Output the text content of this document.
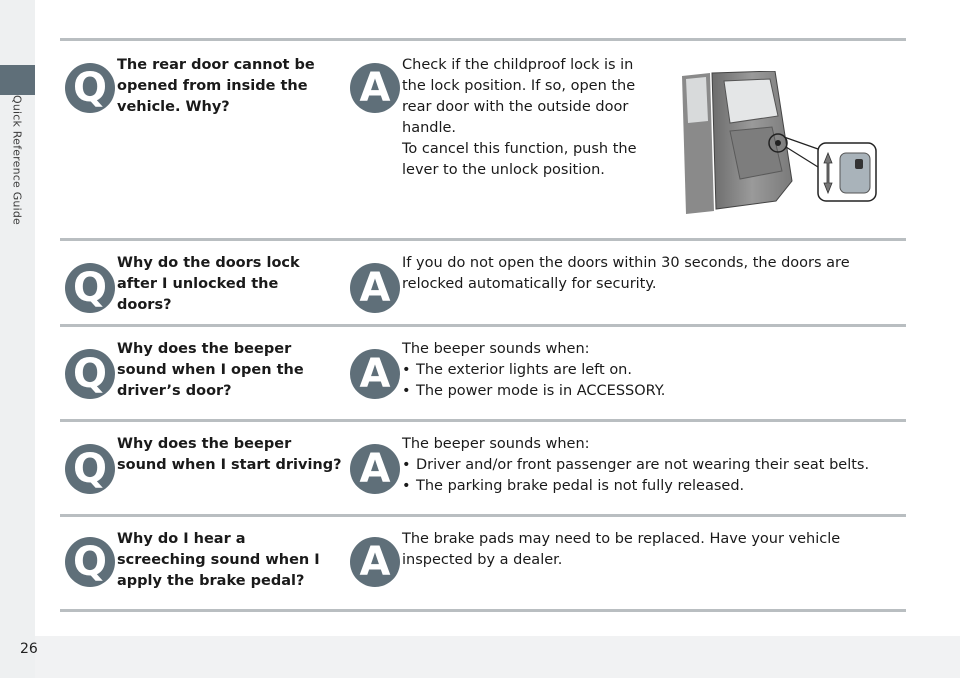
Quick Reference Guide
26
Q The rear door cannot be opened from inside the vehicle. Why?	A Check if the childproof lock is in
the lock position. If so, open the
rear door with the outside door
handle.
To cancel this function, push the
lever to the unlock position.
Q
Why do the doors lock after I unlocked the doors?	A
If you do not open the doors within 30 seconds, the doors are relocked automatically for security.
Q
Why does the beeper sound when I open the driver’s door?	A
The beeper sounds when:
• The exterior lights are left on.
• The power mode is in ACCESSORY.
Q
Why does the beeper sound when I start driving? A
The beeper sounds when:
• Driver and/or front passenger are not wearing their seat belts.
• The parking brake pedal is not fully released.
Q Why do I hear a screeching sound when I apply the brake pedal?	A The brake pads may need to be replaced. Have your vehicle inspected by a dealer.
